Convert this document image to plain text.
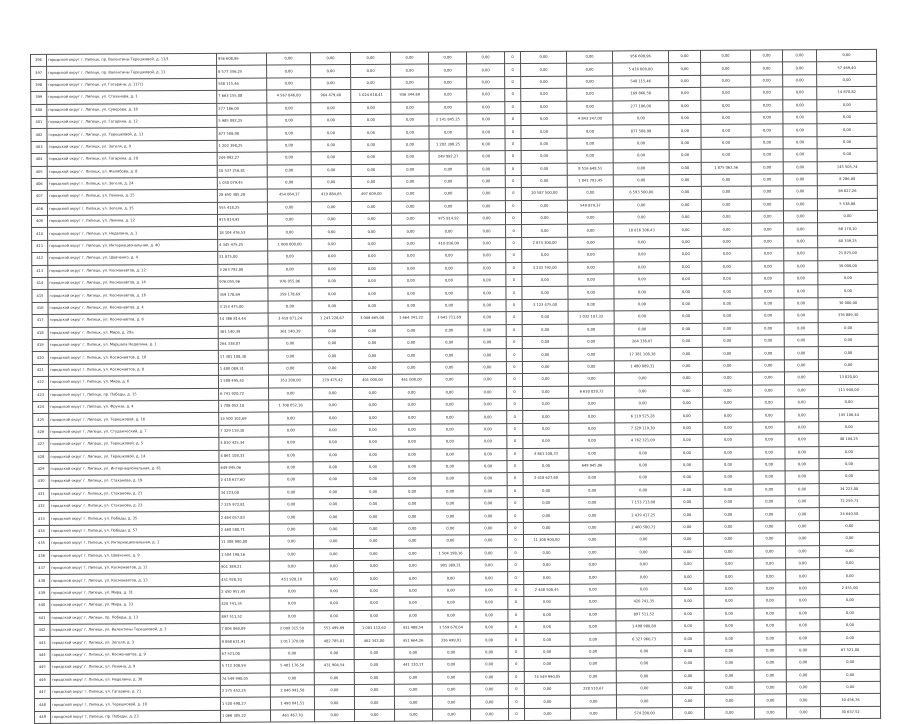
396	городской округ г. Липецк, пр. Валентины Терешковой, д. 11/1	956 608,96	0,00	0,00	0,00	0,00	0,00	0,00	0	0,00	0,00	956 608,96	0,00	0,00	0,00	0,00	0,00
397	городской округ г. Липецк, пр. Валентины Терешковой, д. 11	6 577 356,25	0,00	0,00	0,00	0,00	0,00	0,00	0	0,00	0,00	5 416 000,00	0,00	0,00	0,00	0,00	57 469,40
398	городской округ г. Липецк, ул. Гагарина, д. 117/1	548 115,46	0,00	0,00	0,00	0,00	0,00	0,00	0	0,00	0,00	548 115,46	0,00	0,00	0,00	0,00	0,00
399	городской округ г. Липецк, ул. Стаханова, д. 1	7 663 155,08	4 567 846,00	964 479,40	1 024 618,41	936 344,69	0,00	0,00	0	0,00	0,00	169 866,58	0,00	0,00	0,00	0,00	14 870,82
400	городской округ г. Липецк, ул. Суворова, д. 18	277 186,00	0,00	0,00	0,00	0,00	0,00	0,00	0	0,00	0,00	277 186,00	0,00	0,00	0,00	0,00	0,00
401	городской округ г. Липецк, ул. Гагарина, д. 12	5 985 092,25	0,00	0,00	0,00	0,00	1 141 845,25	0,00	0	0,00	4 843 247,00	0,00	0,00	0,00	0,00	0,00	0,00
402	городской округ г. Липецк, ул. Терешковой, д. 13	877 508,98	0,00	0,00	0,00	0,00	0,00	0,00	0	0,00	0,00	877 508,98	0,00	0,00	0,00	0,00	0,00
403	городской округ г. Липецк, ул. Зегеля, д. 9	1 202 398,25	0,00	0,00	0,00	0,00	1 202 398,25	0,00	0	0,00	0,00	0,00	0,00	0,00	0,00	0,00	0,00
404	городской округ г. Липецк, ул. Гагарина, д. 20	249 992,27	0,00	0,00	0,00	0,00	249 992,27	0,00	0	0,00	0,00	0,00	0,00	0,00	0,00	0,00	0,00
405	городской округ г. Липецк, ул. Желябова, д. 8	10 537 216,81	0,00	0,00	0,00	0,00	0,00	0,00	0	0,00	8 516 648,51	0,00	0,00	1 875 062,56	0,00	0,00	145 505,74
406	городской округ г. Липецк, ул. Зегеля, д. 24	1 050 079,45	0,00	0,00	0,00	0,00	0,00	0,00	0	0,00	1 041 793,45	0,00	0,00	0,00	0,00	0,00	8 286,00
407	городской округ г. Липецк, ул. Ленина, д. 25	28 650 385,28	454 064,37	419 884,65	497 609,00	0,00	0,00	0,00	0	20 587 500,00	0,00	6 593 500,00	0,00	0,00	0,00	0,00	98 827,26
408	городской округ г. Липецк, ул. Зегеля, д. 35	555 418,25	0,00	0,00	0,00	0,00	0,00	0,00	0	0,00	549 879,37	0,00	0,00	0,00	0,00	0,00	5 538,88
409	городской округ г. Липецк, ул. Ленина, д. 12	975 814,92	0,00	0,00	0,00	0,00	975 814,92	0,00	0	0,00	0,00	0,00	0,00	0,00	0,00	0,00	0,00
410	городской округ г. Липецк, ул. Неделина, д. 1	18 104 476,53	0,00	0,00	0,00	0,00	0,00	0,00	0	0,00	0,00	18 016 306,43	0,00	0,00	0,00	0,00	88 170,10
411	городской округ г. Липецк, ул. Интернациональная, д. 40	4 345 475,25	1 000 000,00	0,00	0,00	0,00	410 836,00	0,00	0	2 874 300,00	0,00	0,00	0,00	0,00	0,00	0,00	60 339,25
412	городской округ г. Липецк, ул. Шевченко, д. 4	21 875,00	0,00	0,00	0,00	0,00	0,00	0,00	0	0,00	0,00	0,00	0,00	0,00	0,00	0,00	21 875,00
413	городской округ г. Липецк, ул. Космонавтов, д. 12	3 263 792,00	0,00	0,00	0,00	0,00	0,00	0,00	0	3 233 792,00	0,00	0,00	0,00	0,00	0,00	0,00	30 000,00
414	городской округ г. Липецк, ул. Космонавтов, д. 14	976 055,96	976 055,96	0,00	0,00	0,00	0,00	0,00	0	0,00	0,00	0,00	0,00	0,00	0,00	0,00	0,00
415	городской округ г. Липецк, ул. Космонавтов, д. 16	359 178,69	359 178,69	0,00	0,00	0,00	0,00	0,00	0	0,00	0,00	0,00	0,00	0,00	0,00	0,00	0,00
416	городской округ г. Липецк, ул. Космонавтов, д. 4	3 153 475,00	0,00	0,00	0,00	0,00	0,00	0,00	0	3 123 475,00	0,00	0,00	0,00	0,00	0,00	0,00	30 000,00
417	городской округ г. Липецк, ул. Космонавтов, д. 6	14 386 814,44	3 419 871,24	1 243 228,67	3 008 665,00	1 664 341,22	3 641 711,69	0,00	0	0,00	1 032 107,32	0,00	0,00	0,00	0,00	0,00	376 889,30
418	городской округ г. Липецк, ул. Мира, д. 29а	361 140,39	361 140,39	0,00	0,00	0,00	0,00	0,00	0	0,00	0,00	0,00	0,00	0,00	0,00	0,00	0,00
419	городской округ г. Липецк, ул. Маршала Неделина, д. 1	264 338,07	0,00	0,00	0,00	0,00	0,00	0,00	0	0,00	0,00	264 338,07	0,00	0,00	0,00	0,00	0,00
420	городской округ г. Липецк, ул. Космонавтов, д. 10	17 381 108,38	0,00	0,00	0,00	0,00	0,00	0,00	0	0,00	0,00	17 381 108,38	0,00	0,00	0,00	0,00	0,00
421	городской округ г. Липецк, ул. Космонавтов, д. 8	1 480 089,31	0,00	0,00	0,00	0,00	0,00	0,00	0	0,00	0,00	1 480 089,31	0,00	0,00	0,00	0,00	0,00
422	городской округ г. Липецк, ул. Мира, д. 6	1 508 495,42	353 200,00	279 475,42	401 000,00	461 000,00	0,00	0,00	0	0,00	0,00	0,00	0,00	0,00	0,00	0,00	13 820,00
423	городской округ г. Липецк, пр. Победы, д. 15	6 741 920,72	0,00	0,00	0,00	0,00	0,00	0,00	0	0,00	6 630 020,72	0,00	0,00	0,00	0,00	0,00	111 900,00
424	городской округ г. Липецк, ул. Фрунзе, д. 4	1 708 052,18	1 708 052,18	0,00	0,00	0,00	0,00	0,00	0	0,00	0,00	0,00	0,00	0,00	0,00	0,00	0,00
425	городской округ г. Липецк, ул. Терешковой, д. 16	14 500 102,69	0,00	0,00	0,00	0,00	0,00	0,00	0	0,00	0,00	6 119 525,28	0,00	0,00	0,00	0,00	145 106,44
426	городской округ г. Липецк, ул. Студенческий, д. 7	7 329 119,30	0,00	0,00	0,00	0,00	0,00	0,00	0	0,00	0,00	7 329 119,30	0,00	0,00	0,00	0,00	0,00
427	городской округ г. Липецк, ул. Терешковой, д. 5	4 810 425,34	0,00	0,00	0,00	0,00	0,00	0,00	0	0,00	0,00	4 762 321,09	0,00	0,00	0,00	0,00	48 104,25
428	городской округ г. Липецк, ул. Терешковой, д. 14	4 861 108,33	0,00	0,00	0,00	0,00	0,00	0,00	0	4 861 108,33	0,00	0,00	0,00	0,00	0,00	0,00	0,00
429	городской округ г. Липецк, ул. Интернациональная, д. 61	649 945,06	0,00	0,00	0,00	0,00	0,00	0,00	0	0,00	649 945,06	0,00	0,00	0,00	0,00	0,00	0,00
430	городской округ г. Липецк, ул. Стаханова, д. 19	2 418 627,60	0,00	0,00	0,00	0,00	0,00	0,00	0	2 418 627,60	0,00	0,00	0,00	0,00	0,00	0,00	0,00
431	городской округ г. Липецк, ул. Стаханова, д. 21	34 223,00	0,00	0,00	0,00	0,00	0,00	0,00	0	0,00	0,00	0,00	0,00	0,00	0,00	0,00	34 223,00
432	городской округ г. Липецк, ул. Стаханова, д. 23	7 225 972,81	0,00	0,00	0,00	0,00	0,00	0,00	0	0,00	0,00	7 153 713,08	0,00	0,00	0,00	0,00	72 259,73
433	городской округ г. Липецк, ул. Победы, д. 35	2 464 057,83	0,00	0,00	0,00	0,00	0,00	0,00	0	0,00	0,00	2 439 417,25	0,00	0,00	0,00	0,00	24 640,58
434	городской округ г. Липецк, ул. Победы, д. 57	2 460 580,71	0,00	0,00	0,00	0,00	0,00	0,00	0	0,00	0,00	2 460 580,71	0,00	0,00	0,00	0,00	0,00
435	городской округ г. Липецк, ул. Интернациональная, д. 1	11 308 900,00	0,00	0,00	0,00	0,00	0,00	0,00	0	11 308 900,00	0,00	0,00	0,00	0,00	0,00	0,00	0,00
436	городской округ г. Липецк, ул. Шевченко, д. 9	1 504 198,16	0,00	0,00	0,00	0,00	1 504 198,16	0,00	0	0,00	0,00	0,00	0,00	0,00	0,00	0,00	0,00
437	городской округ г. Липецк, ул. Космонавтов, д. 11	901 389,21	0,00	0,00	0,00	0,00	901 389,21	0,00	0	0,00	0,00	0,00	0,00	0,00	0,00	0,00	0,00
438	городской округ г. Липецк, ул. Космонавтов, д. 13	451 928,10	451 928,10	0,00	0,00	0,00	0,00	0,00	0	0,00	0,00	0,00	0,00	0,00	0,00	0,00	0,00
439	городской округ г. Липецк, ул. Мира, д. 31	2 450 951,45	0,00	0,00	0,00	0,00	0,00	0,00	0	2 448 500,45	0,00	0,00	0,00	0,00	0,00	0,00	2 451,00
440	городской округ г. Липецк, ул. Мира, д. 33	420 741,35	0,00	0,00	0,00	0,00	0,00	0,00	0	0,00	0,00	420 741,35	0,00	0,00	0,00	0,00	0,00
441	городской округ г. Липецк, пр. Победы, д. 13	897 511,52	0,00	0,00	0,00	0,00	0,00	0,00	0	0,00	0,00	897 511,52	0,00	0,00	0,00	0,00	0,00
442	городской округ г. Липецк, ул. Валентины Терешковой, д. 3	7 004 068,09	2 009 315,50	553 499,99	1 001 112,62	431 488,54	1 559 670,64	0,00	0	0,00	0,00	1 498 980,80	0,00	0,00	0,00	0,00	0,00
443	городской округ г. Липецк, ул. Зегеля, д. 3	9 068 621,91	1 017 370,00	482 785,01	462 342,00	451 664,26	326 499,91	0,00	0	0,00	0,00	6 327 960,73	0,00	0,00	0,00	0,00	0,00
444	городской округ г. Липецк, ул. Космонавтов, д. 9	67 521,00	0,00	0,00	0,00	0,00	0,00	0,00	0	0,00	0,00	0,00	0,00	0,00	0,00	0,00	67 521,00
445	городской округ г. Липецк, ул. Ленина, д. 9	5 712 308,59	5 401 176,50	431 904,54	0,00	441 110,17	0,00	0,00	0	0,00	0,00	0,00	0,00	0,00	0,00	0,00	0,00
446	городской округ г. Липецк, ул. Неделина, д. 30	74 549 990,05	0,00	0,00	0,00	0,00	0,00	0,00	0	74 549 990,05	0,00	0,00	0,00	0,00	0,00	0,00	0,00
447	городской округ г. Липецк, ул. Гагарина, д. 21	2 275 452,25	2 046 941,58	0,00	0,00	0,00	0,00	0,00	0	0,00	228 510,67	0,00	0,00	0,00	0,00	0,00	0,00
448	городской округ г. Липецк, ул. Терешковой, д. 18	1 520 498,27	1 490 041,51	0,00	0,00	0,00	0,00	0,00	0	0,00	0,00	0,00	0,00	0,00	0,00	0,00	30 456,76
449	городской округ г. Липецк, пр. Победы, д. 23	1 066 305,22	461 467,70	0,00	0,00	0,00	0,00	0,00	0	0,00	0,00	574 200,00	0,00	0,00	0,00	0,00	30 637,52
